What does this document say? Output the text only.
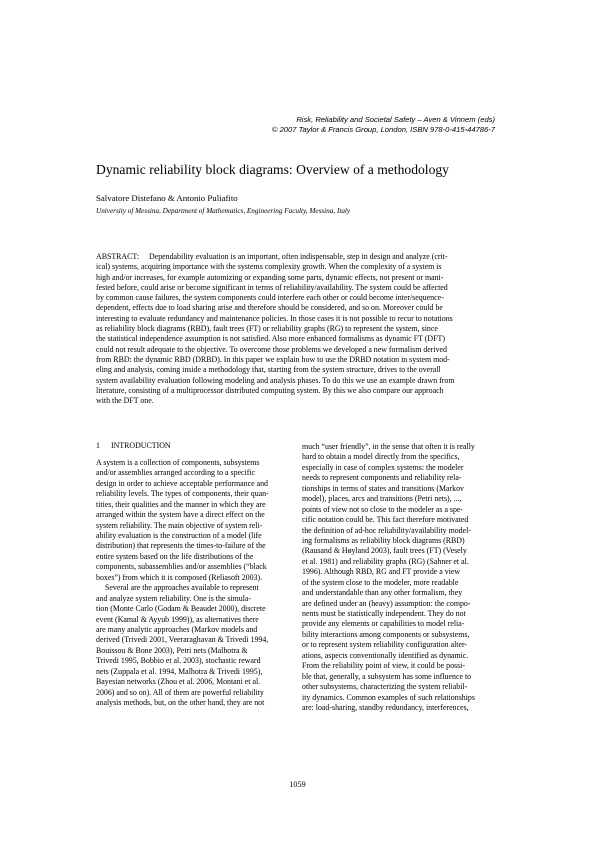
Risk, Reliability and Societal Safety – Aven & Vinnem (eds)
© 2007 Taylor & Francis Group, London, ISBN 978-0-415-44786-7
Dynamic reliability block diagrams: Overview of a methodology
Salvatore Distefano & Antonio Puliafito
University of Messina, Department of Mathematics, Engineering Faculty, Messina, Italy
ABSTRACT: Dependability evaluation is an important, often indispensable, step in design and analyze (crit-
ical) systems, acquiring importance with the systems complexity growth. When the complexity of a system is
high and/or increases, for example automizing or expanding some parts, dynamic effects, not present or mani-
fested before, could arise or become significant in terms of reliability/availability. The system could be affected
by common cause failures, the system components could interfere each other or could become inter/sequence-
dependent, effects due to load sharing arise and therefore should be considered, and so on. Moreover could be
interesting to evaluate redundancy and maintenance policies. In those cases it is not possible to recur to notations
as reliability block diagrams (RBD), fault trees (FT) or reliability graphs (RG) to represent the system, since
the statistical independence assumption is not satisfied. Also more enhanced formalisms as dynamic FT (DFT)
could not result adequate to the objective. To overcome those problems we developed a new formalism derived
from RBD: the dynamic RBD (DRBD). In this paper we explain how to use the DRBD notation in system mod-
eling and analysis, coming inside a methodology that, starting from the system structure, drives to the overall
system availability evaluation following modeling and analysis phases. To do this we use an example drawn from
literature, consisting of a multiprocessor distributed computing system. By this we also compare our approach
with the DFT one.
1 INTRODUCTION
A system is a collection of components, subsystems
and/or assemblies arranged according to a specific
design in order to achieve acceptable performance and
reliability levels. The types of components, their quan-
tities, their qualities and the manner in which they are
arranged within the system have a direct effect on the
system reliability. The main objective of system reli-
ability evaluation is the construction of a model (life
distribution) that represents the times-to-failure of the
entire system based on the life distributions of the
components, subassemblies and/or assemblies (“black
boxes”) from which it is composed (Reliasoft 2003).
Several are the approaches available to represent
and analyze system reliability. One is the simula-
tion (Monte Carlo (Godam & Beaudet 2000), discrete
event (Kamal & Ayyub 1999)), as alternatives there
are many analytic approaches (Markov models and
derived (Trivedi 2001, Veeraraghavan & Trivedi 1994,
Bouissou & Bone 2003), Petri nets (Malhotra &
Trivedi 1995, Bobbio et al. 2003), stochastic reward
nets (Zuppala et al. 1994, Malhotra & Trivedi 1995),
Bayesian networks (Zhou et al. 2006, Montani et al.
2006) and so on). All of them are powerful reliability
analysis methods, but, on the other hand, they are not
much “user friendly”, in the sense that often it is really
hard to obtain a model directly from the specifics,
especially in case of complex systems: the modeler
needs to represent components and reliability rela-
tionships in terms of states and transitions (Markov
model), places, arcs and transitions (Petri nets), ...,
points of view not so close to the modeler as a spe-
cific notation could be. This fact therefore motivated
the definition of ad-hoc reliability/availability model-
ing formalisms as reliability block diagrams (RBD)
(Rausand & Høyland 2003), fault trees (FT) (Vesely
et al. 1981) and reliability graphs (RG) (Sahner et al.
1996). Although RBD, RG and FT provide a view
of the system close to the modeler, more readable
and understandable than any other formalism, they
are defined under an (heavy) assumption: the compo-
nents must be statistically independent. They do not
provide any elements or capabilities to model relia-
bility interactions among components or subsystems,
or to represent system reliability configuration alter-
ations, aspects conventionally identified as dynamic.
From the reliability point of view, it could be possi-
ble that, generally, a subsystem has some influence to
other subsystems, characterizing the system reliabil-
ity dynamics. Common examples of such relationships
are: load-sharing, standby redundancy, interferences,
1059
